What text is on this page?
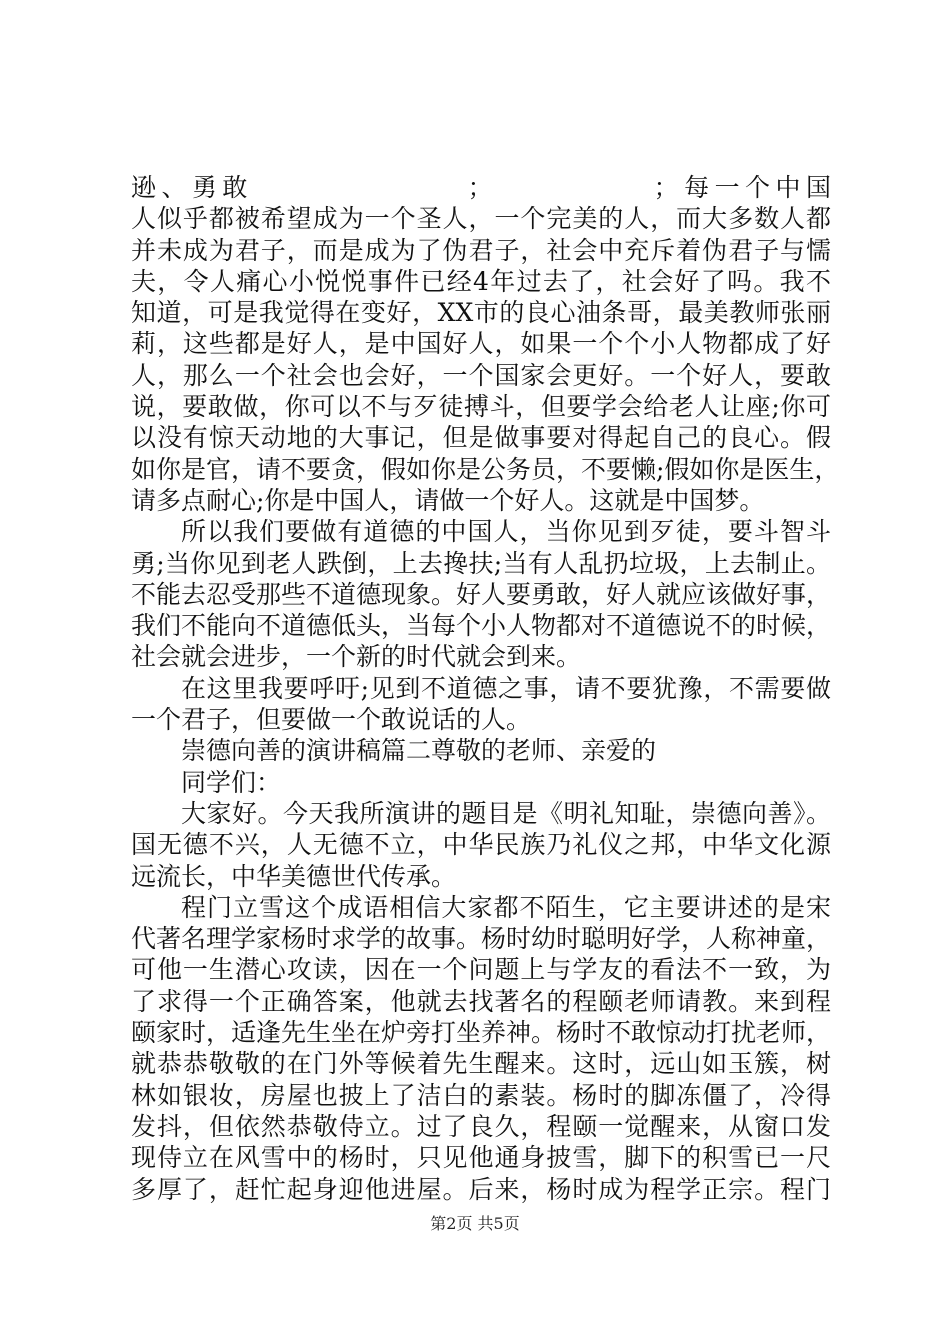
逊、勇敢                ；            ；每一个中国
人似乎都被希望成为一个圣人，一个完美的人，而大多数人都
并未成为君子，而是成为了伪君子，社会中充斥着伪君子与懦
夫，令人痛心小悦悦事件已经4年过去了，社会好了吗。我不
知道，可是我觉得在变好，XX市的良心油条哥，最美教师张丽
莉，这些都是好人，是中国好人，如果一个个小人物都成了好
人，那么一个社会也会好，一个国家会更好。一个好人，要敢
说，要敢做，你可以不与歹徒搏斗，但要学会给老人让座;你可
以没有惊天动地的大事记，但是做事要对得起自己的良心。假
如你是官，请不要贪，假如你是公务员，不要懒;假如你是医生，
请多点耐心;你是中国人，请做一个好人。这就是中国梦。
所以我们要做有道德的中国人，当你见到歹徒，要斗智斗
勇;当你见到老人跌倒，上去搀扶;当有人乱扔垃圾，上去制止。
不能去忍受那些不道德现象。好人要勇敢，好人就应该做好事，
我们不能向不道德低头，当每个小人物都对不道德说不的时候，
社会就会进步，一个新的时代就会到来。
在这里我要呼吁;见到不道德之事，请不要犹豫，不需要做
一个君子，但要做一个敢说话的人。
崇德向善的演讲稿篇二尊敬的老师、亲爱的
同学们：
大家好。今天我所演讲的题目是《明礼知耻，崇德向善》。
国无德不兴，人无德不立，中华民族乃礼仪之邦，中华文化源
远流长，中华美德世代传承。
程门立雪这个成语相信大家都不陌生，它主要讲述的是宋
代著名理学家杨时求学的故事。杨时幼时聪明好学，人称神童，
可他一生潜心攻读，因在一个问题上与学友的看法不一致，为
了求得一个正确答案，他就去找著名的程颐老师请教。来到程
颐家时，适逢先生坐在炉旁打坐养神。杨时不敢惊动打扰老师，
就恭恭敬敬的在门外等候着先生醒来。这时，远山如玉簇，树
林如银妆，房屋也披上了洁白的素装。杨时的脚冻僵了，冷得
发抖，但依然恭敬侍立。过了良久，程颐一觉醒来，从窗口发
现侍立在风雪中的杨时，只见他通身披雪，脚下的积雪已一尺
多厚了，赶忙起身迎他进屋。后来，杨时成为程学正宗。程门
第2页 共5页
